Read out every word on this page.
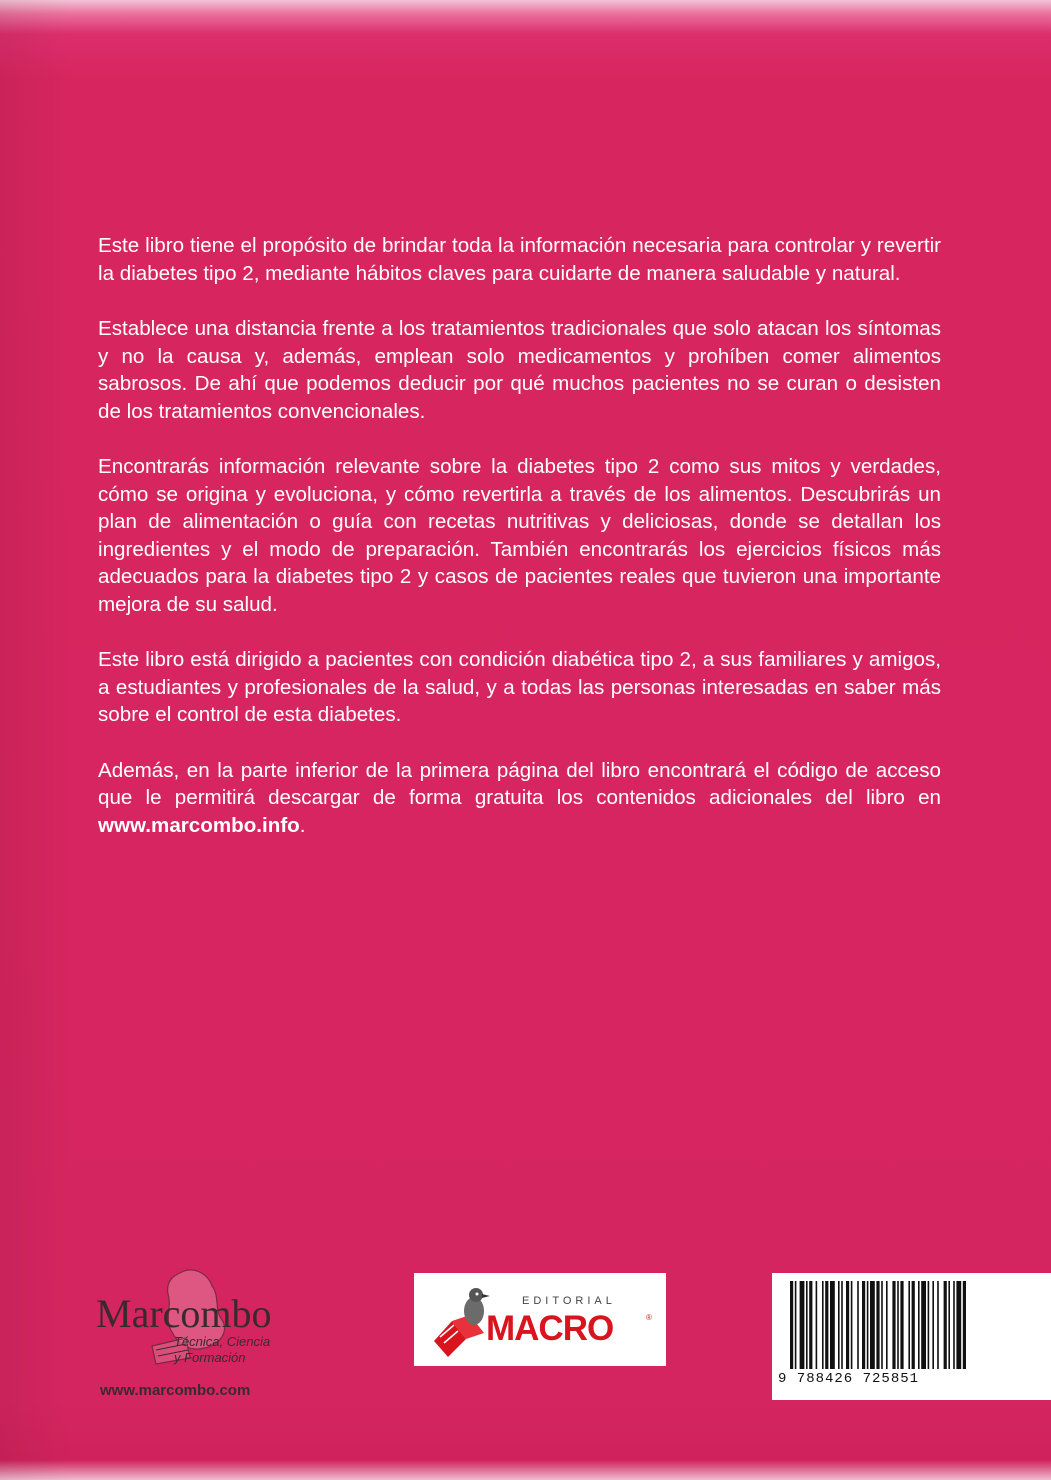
Este libro tiene el propósito de brindar toda la información necesaria para controlar y revertir la diabetes tipo 2, mediante hábitos claves para cuidarte de manera saludable y natural.

Establece una distancia frente a los tratamientos tradicionales que solo atacan los síntomas y no la causa y, además, emplean solo medicamentos y prohíben comer alimentos sabrosos. De ahí que podemos deducir por qué muchos pacientes no se curan o desisten de los tratamientos convencionales.

Encontrarás información relevante sobre la diabetes tipo 2 como sus mitos y verdades, cómo se origina y evoluciona, y cómo revertirla a través de los alimentos. Descubrirás un plan de alimentación o guía con recetas nutritivas y deliciosas, donde se detallan los ingredientes y el modo de preparación. También encontrarás los ejercicios físicos más adecuados para la diabetes tipo 2 y casos de pacientes reales que tuvieron una importante mejora de su salud.

Este libro está dirigido a pacientes con condición diabética tipo 2, a sus familiares y amigos, a estudiantes y profesionales de la salud, y a todas las personas interesadas en saber más sobre el control de esta diabetes.

Además, en la parte inferior de la primera página del libro encontrará el código de acceso que le permitirá descargar de forma gratuita los contenidos adicionales del libro en www.marcombo.info.

Marcombo
Técnica, Ciencia
y Formación
www.marcombo.com
EDITORIAL
MACRO	®
9 788426 725851
